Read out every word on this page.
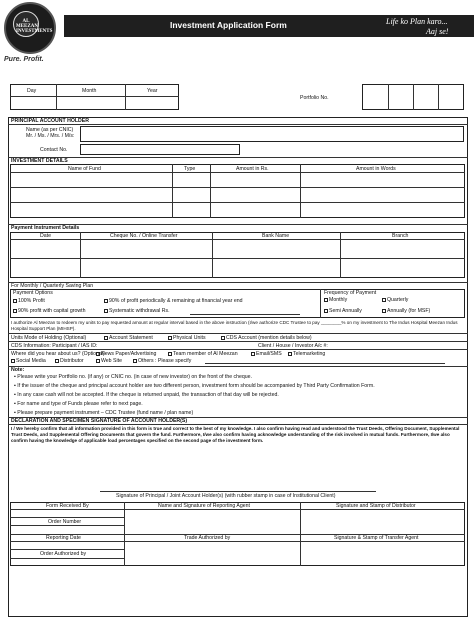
AL MEEZAN INVESTMENTS
Pure. Profit.
Investment Application Form	Life ko Plan karo...
Aaj se!
Day	Month	Year
Portfolio No.
PRINCIPAL ACCOUNT HOLDER
Name (as per CNIC)
Mr. / Ms. / Mrs. / M/s:
Contact No.
INVESTMENT DETAILS
Name of Fund	Type	Amount in Rs.	Amount in Words
Payment Instrument Details
Date	Cheque No. / Online Transfer	Bank Name	Branch
For Monthly / Quarterly Saving Plan
Payment Options
100% Profit	90% of profit periodically & remaining at financial year end
90% profit with capital growth	Systematic withdrawal Rs.
Frequency of Payment
Monthly	Quarterly
Semi Annually	Annually (for MSF)
I authorize Al Meezan to redeem my units to pay requested amount at regular interval based in the above instruction (I/we authorize CDC Trustee to pay ________% on my investment to The Indus Hospital Meezan Indus Hospital Support Plan (MIHSP).
Units Mode of Holding (Optional)	Account Statement	Physical Units	CDS Account (mention details below)
CDS Information: Participant / IAS ID:	Client / House / Investor A/c #:
Where did you hear about us? (Optional)
News Paper/Advertising	Team member of Al Meezan	Email/SMS	Telemarketing
Social Media	Distributor	Web Site	Others : Please specify
Note:
▪ Please write your Portfolio no. (if any) or CNIC no. (in case of new investor) on the front of the cheque.
▪ If the issuer of the cheque and principal account holder are two different person, investment form should be accompanied by Third Party Confirmation Form.
▪ In any case cash will not be accepted. If the cheque is returned unpaid, the transaction of that day will be rejected.
▪ For name and type of Funds please refer to next page.
▪ Please prepare payment instrument – CDC Trustee (fund name / plan name)
DECLARATION AND SPECIMEN SIGNATURE OF ACCOUNT HOLDER(S)
I / We hereby confirm that all information provided in this form is true and correct to the best of my knowledge. I also confirm having read and understood the Trust Deeds, Offering Document, Supplemental Trust Deeds, and Supplemental Offering Documents that govern the fund. Furthermore, I/we also confirm having acknowledge understanding of the risk involved in mutual funds. Furthermore, I/we also confirm having the knowledge of applicable load percentages specified on the second page of the investment form.
Signature of Principal / Joint Account Holder(s) (with rubber stamp in case of Institutional Client)
Form Received By	Name and Signature of Reporting Agent	Signature and Stamp of Distributor
Order Number
Reporting Date	Trade Authorized by	Signature & Stamp of Transfer Agent
Order Authorized by
